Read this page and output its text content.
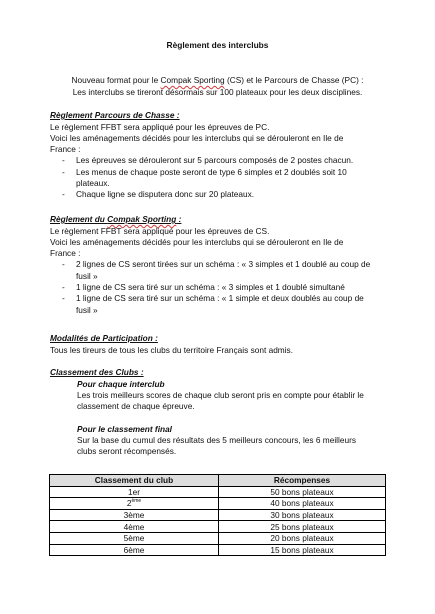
Règlement des interclubs
Nouveau format pour le Compak Sporting (CS) et le Parcours de Chasse (PC) :
Les interclubs se tireront désormais sur 100 plateaux pour les deux disciplines.
Règlement Parcours de Chasse :
Le règlement FFBT sera appliqué pour les épreuves de PC.
Voici les aménagements décidés pour les interclubs qui se dérouleront en Ile de
France :
- Les épreuves se dérouleront sur 5 parcours composés de 2 postes chacun.
- Les menus de chaque poste seront de type 6 simples et 2 doublés soit 10
plateaux.
- Chaque ligne se disputera donc sur 20 plateaux.
Règlement du Compak Sporting :
Le règlement FFBT sera appliqué pour les épreuves de CS.
Voici les aménagements décidés pour les interclubs qui se dérouleront en Ile de
France :
- 2 lignes de CS seront tirées sur un schéma : « 3 simples et 1 doublé au coup de
fusil »
- 1 ligne de CS sera tiré sur un schéma : « 3 simples et 1 doublé simultané
- 1 ligne de CS sera tiré sur un schéma : « 1 simple et deux doublés au coup de
fusil »
Modalités de Participation :
Tous les tireurs de tous les clubs du territoire Français sont admis.
Classement des Clubs :
Pour chaque interclub
Les trois meilleurs scores de chaque club seront pris en compte pour établir le
classement de chaque épreuve.
Pour le classement final
Sur la base du cumul des résultats des 5 meilleurs concours, les 6 meilleurs
clubs seront récompensés.
Classement du club	Récompenses
1er	50 bons plateaux
2ème	40 bons plateaux
3ème	30 bons plateaux
4ème	25 bons plateaux
5ème	20 bons plateaux
6ème	15 bons plateaux
